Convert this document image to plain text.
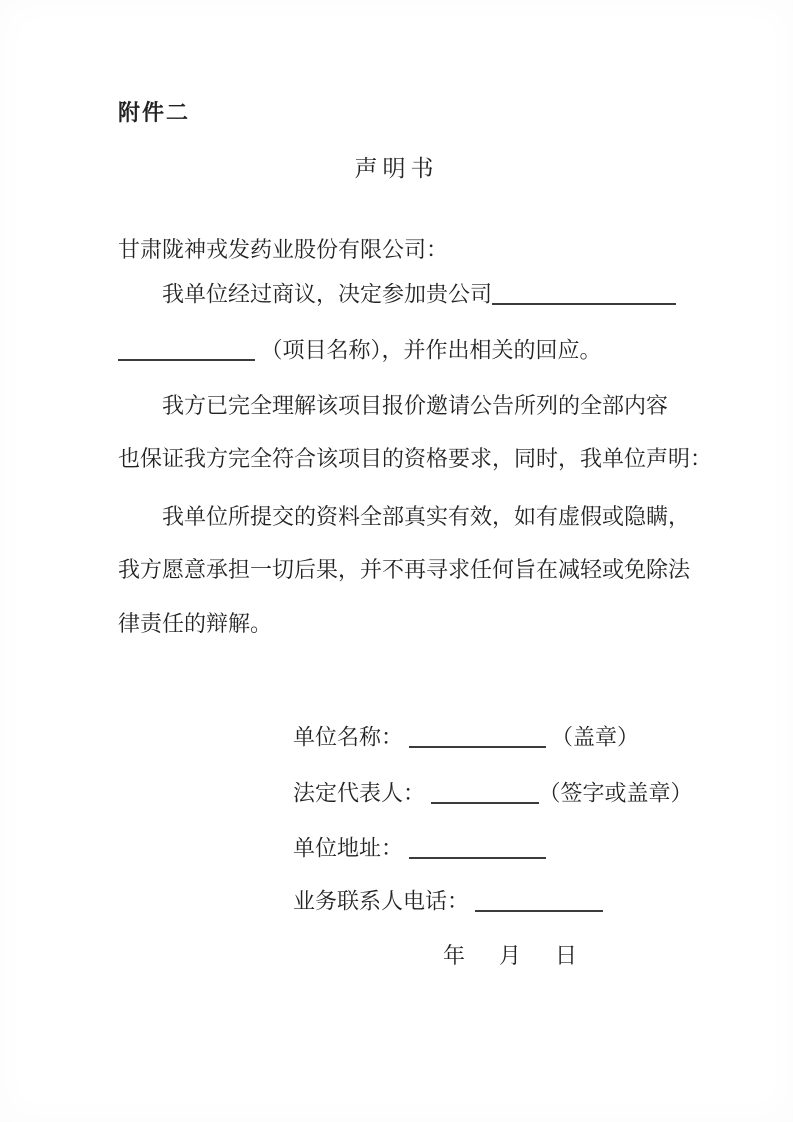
附件二
声明书
甘肃陇神戎发药业股份有限公司：
我单位经过商议，决定参加贵公司
（项目名称），并作出相关的回应。
我方已完全理解该项目报价邀请公告所列的全部内容
也保证我方完全符合该项目的资格要求，同时，我单位声明：
我单位所提交的资料全部真实有效，如有虚假或隐瞒，
我方愿意承担一切后果，并不再寻求任何旨在减轻或免除法
律责任的辩解。
单位名称：	（盖章）
法定代表人：	（签字或盖章）
单位地址：
业务联系人电话：
年 月 日
